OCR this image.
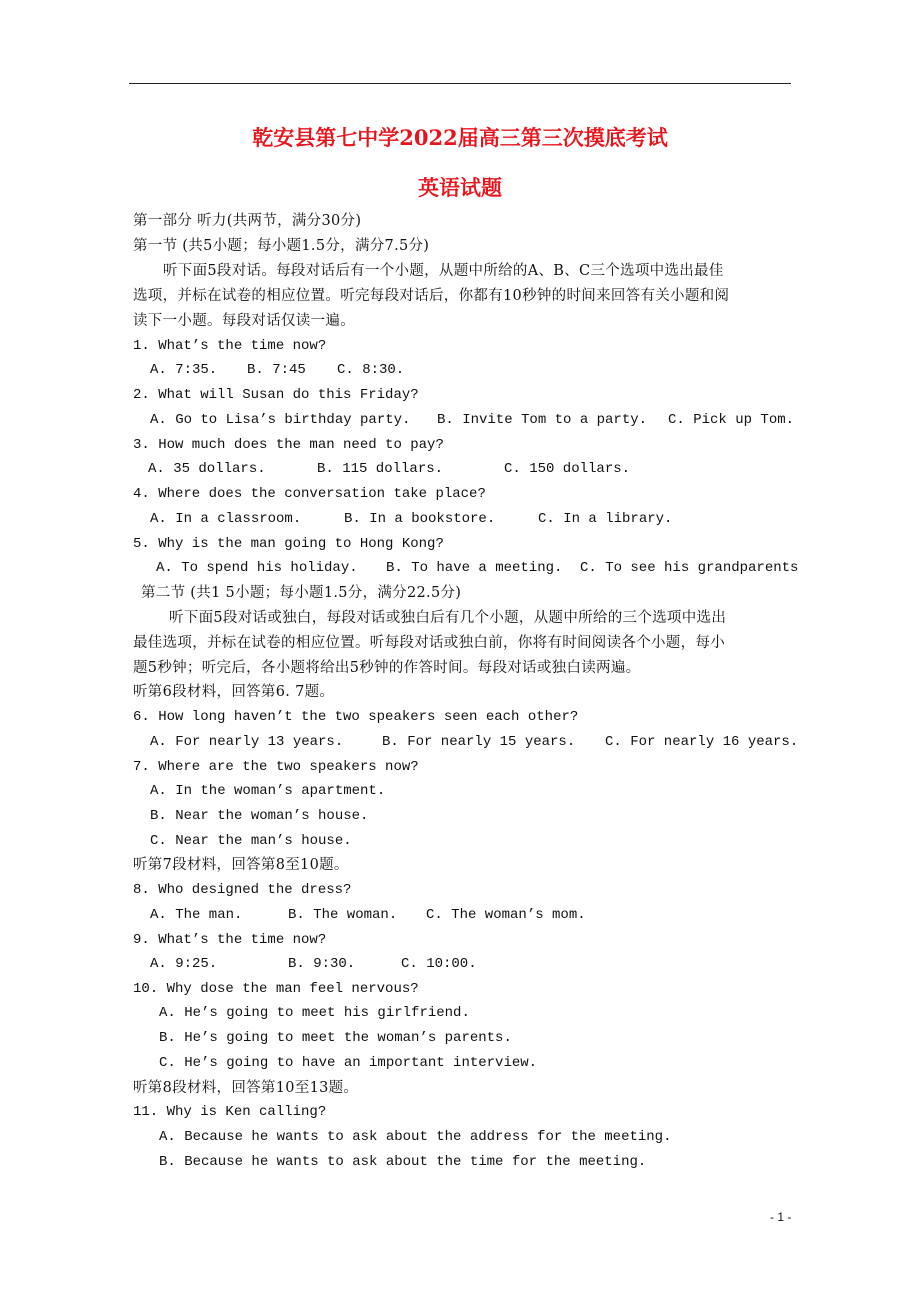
乾安县第七中学2022届高三第三次摸底考试
英语试题
第一部分 听力(共两节，满分30分)
第一节 (共5小题；每小题1.5分，满分7.5分)
听下面5段对话。每段对话后有一个小题，从题中所给的A、B、C三个选项中选出最佳
选项，并标在试卷的相应位置。听完每段对话后，你都有10秒钟的时间来回答有关小题和阅
读下一小题。每段对话仅读一遍。
1. What’s the time now?
A. 7:35. B. 7:45 C. 8:30.
2. What will Susan do this Friday?
A. Go to Lisa’s birthday party. B. Invite Tom to a party. C. Pick up Tom.
3. How much does the man need to pay?
A. 35 dollars.	B. 115 dollars.	C. 150 dollars.
4. Where does the conversation take place?
A. In a classroom.	B. In a bookstore.	C. In a library.
5. Why is the man going to Hong Kong?
A. To spend his holiday. B. To have a meeting. C. To see his grandparents
第二节 (共1 5小题；每小题1.5分，满分22.5分)
听下面5段对话或独白，每段对话或独白后有几个小题，从题中所给的三个选项中选出
最佳选项，并标在试卷的相应位置。听每段对话或独白前，你将有时间阅读各个小题，每小
题5秒钟；听完后，各小题将给出5秒钟的作答时间。每段对话或独白读两遍。
听第6段材料，回答第6. 7题。
6. How long haven’t the two speakers seen each other?
A. For nearly 13 years.	B. For nearly 15 years. C. For nearly 16 years.
7. Where are the two speakers now?
A. In the woman’s apartment.
B. Near the woman’s house.
C. Near the man’s house.
听第7段材料，回答第8至10题。
8. Who designed the dress?
A. The man.	B. The woman. C. The woman’s mom.
9. What’s the time now?
A. 9:25.	B. 9:30.	C. 10:00.
10. Why dose the man feel nervous?
A. He’s going to meet his girlfriend.
B. He’s going to meet the woman’s parents.
C. He’s going to have an important interview.
听第8段材料，回答第10至13题。
11. Why is Ken calling?
A. Because he wants to ask about the address for the meeting.
B. Because he wants to ask about the time for the meeting.
- 1 -
